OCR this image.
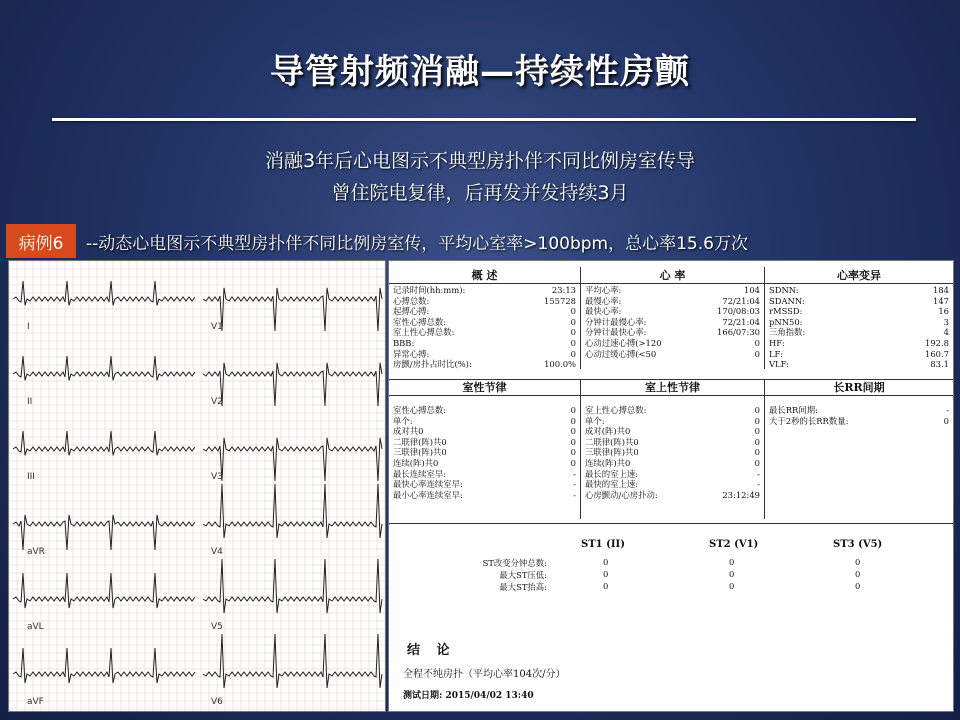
导管射频消融—持续性房颤
消融3年后心电图示不典型房扑伴不同比例房室传导
曾住院电复律，后再发并发持续3月
病例6	--动态心电图示不典型房扑伴不同比例房室传，平均心室率>100bpm，总心率15.6万次
I	V1
II	V2
III	V3
aVR	V4
aVL	V5
aVF	V6
概 述
记录时间(hh:mm):	23:13
心搏总数:	155728
起搏心搏:	0
室性心搏总数:	0
室上性心搏总数:	0
BBB:	0
异常心搏:	0
房颤/房扑占时比(%):	100.0%
心 率
平均心率:	104
最慢心率:	72/21:04
最快心率:	170/08:03
分钟计最慢心率:	72/21:04
分钟计最快心率:	166/07:30
心动过速心搏(>120	0
心动过缓心搏(<50	0
心率变异
SDNN:	184
SDANN:	147
rMSSD:	16
pNN50:	3
三角指数:	4
HF:	192.8
LF:	160.7
VLF:	83.1
室性节律
室性心搏总数:	0
单个:	0
成对共0	0
二联律(阵)共0	0
三联律(阵)共0	0
连续(阵)共0	0
最长连续室早:	-
最快心率连续室早:	-
最小心率连续室早:	-
室上性节律
室上性心搏总数:	0
单个:	0
成对(阵)共0	0
二联律(阵)共0	0
三联律(阵)共0	0
连续(阵)共0	0
最长的室上速:	-
最快的室上速:	-
心房颤动/心房扑动:	23:12:49
长RR间期
最长RR间期:	-
大于2秒的长RR数量:	0
ST1 (II)	ST2 (V1)	ST3 (V5)
ST改变分钟总数:	0	0	0
最大ST压低:	0	0	0
最大ST抬高:	0	0	0
结 论
全程不纯房扑（平均心率104次/分）
测试日期: 2015/04/02 13:40
